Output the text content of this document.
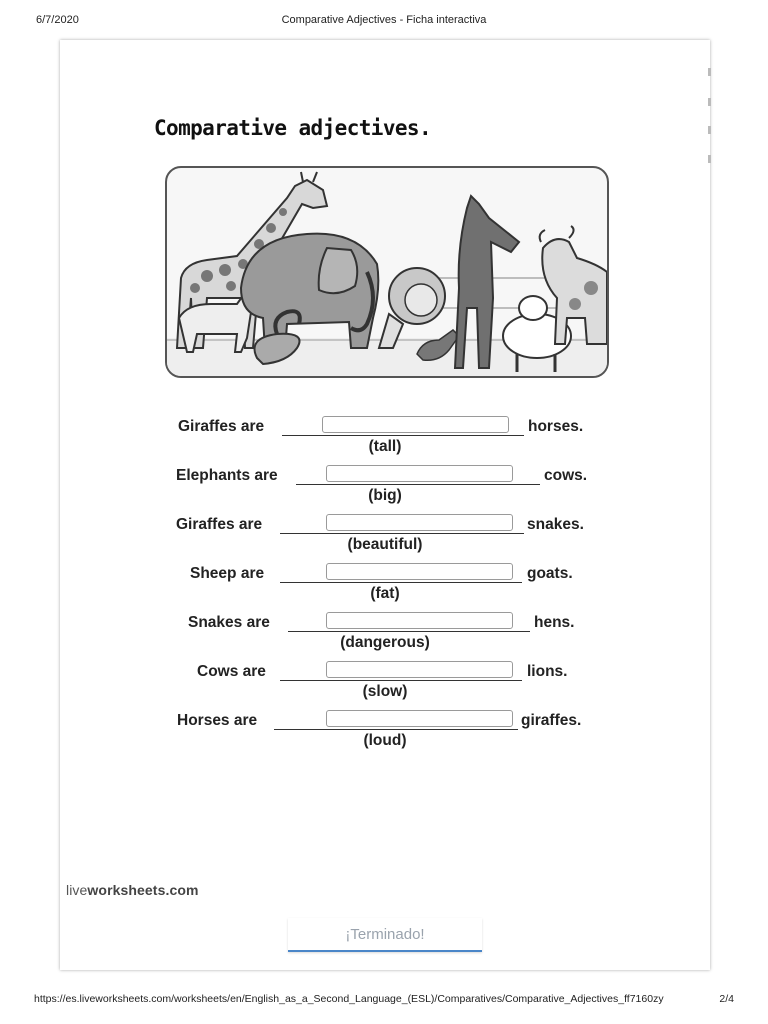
6/7/2020	Comparative Adjectives - Ficha interactiva
Comparative adjectives.
Giraffes are	horses.
(tall)
Elephants are	cows.
(big)
Giraffes are	snakes.
(beautiful)
Sheep are	goats.
(fat)
Snakes are	hens.
(dangerous)
Cows are	lions.
(slow)
Horses are	giraffes.
(loud)
liveworksheets.com
¡Terminado!
https://es.liveworksheets.com/worksheets/en/English_as_a_Second_Language_(ESL)/Comparatives/Comparative_Adjectives_ff7160zy	2/4
